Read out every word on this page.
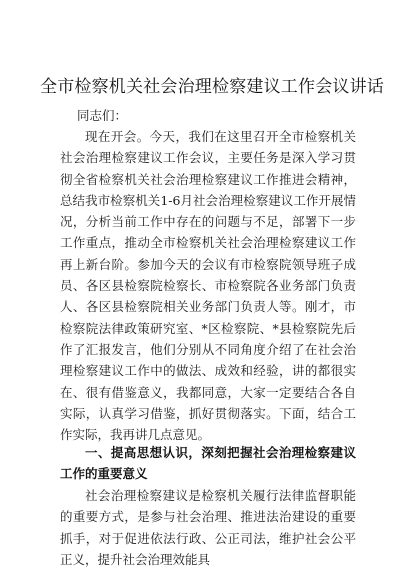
全市检察机关社会治理检察建议工作会议讲话
同志们：
现在开会。今天，我们在这里召开全市检察机关社会治理检察建议工作会议，主要任务是深入学习贯彻全省检察机关社会治理检察建议工作推进会精神，总结我市检察机关1-6月社会治理检察建议工作开展情况，分析当前工作中存在的问题与不足，部署下一步工作重点，推动全市检察机关社会治理检察建议工作再上新台阶。参加今天的会议有市检察院领导班子成员、各区县检察院检察长、市检察院各业务部门负责人、各区县检察院相关业务部门负责人等。刚才，市检察院法律政策研究室、*区检察院、*县检察院先后作了汇报发言，他们分别从不同角度介绍了在社会治理检察建议工作中的做法、成效和经验，讲的都很实在、很有借鉴意义，我都同意，大家一定要结合各自实际，认真学习借鉴，抓好贯彻落实。下面，结合工作实际，我再讲几点意见。
一、提高思想认识，深刻把握社会治理检察建议工作的重要意义
社会治理检察建议是检察机关履行法律监督职能的重要方式，是参与社会治理、推进法治建设的重要抓手，对于促进依法行政、公正司法，维护社会公平正义，提升社会治理效能具
